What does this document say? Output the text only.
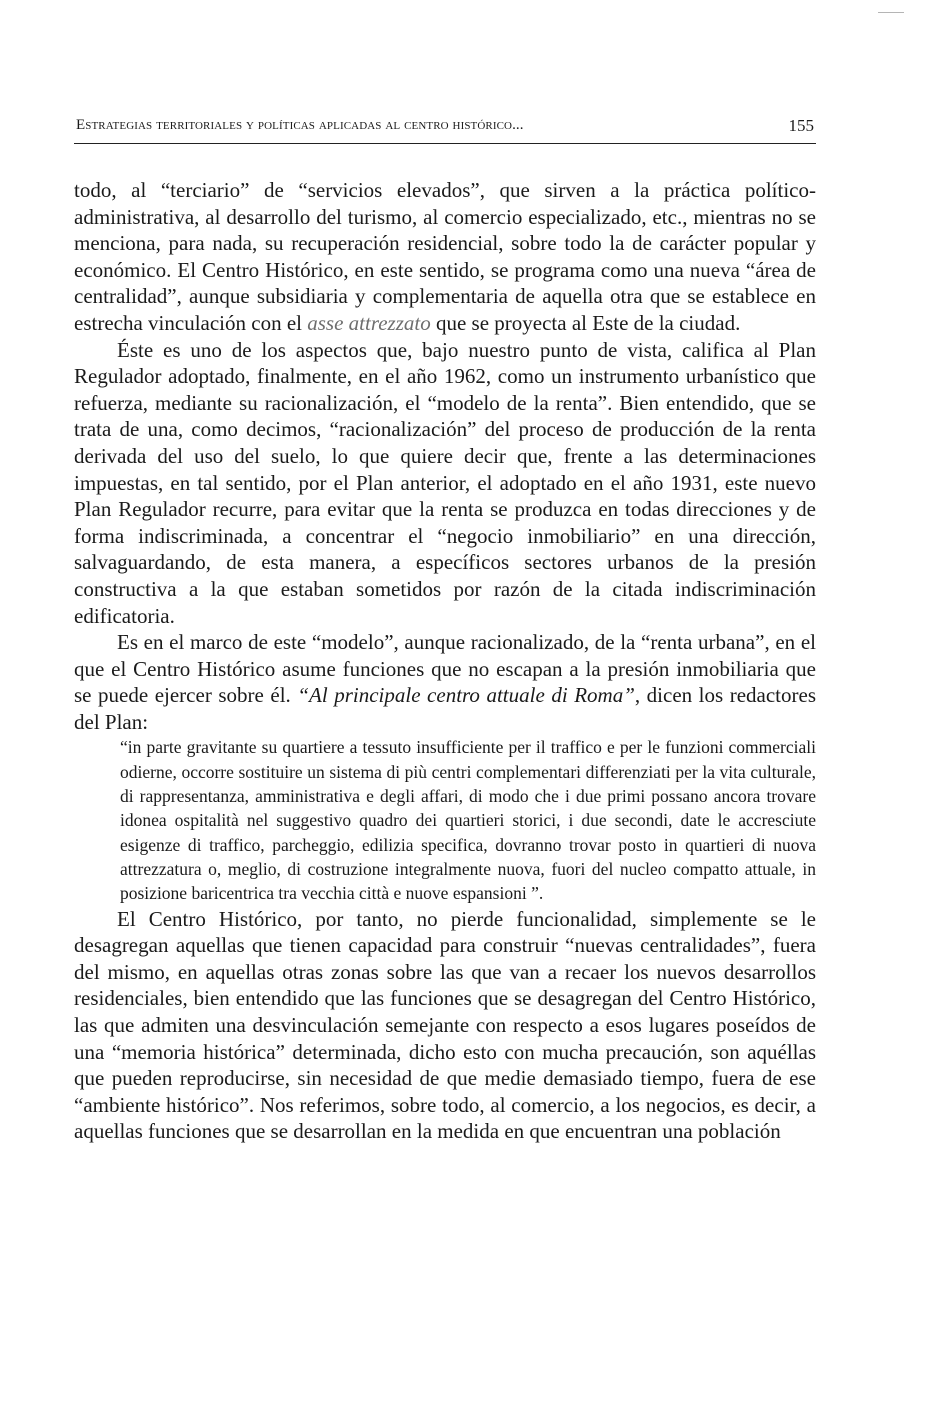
Estrategias territoriales y políticas aplicadas al centro histórico...	155

todo, al “terciario” de “servicios elevados”, que sirven a la práctica político-administrativa, al desarrollo del turismo, al comercio especializado, etc., mientras no se menciona, para nada, su recuperación residencial, sobre todo la de carácter popular y económico. El Centro Histórico, en este sentido, se programa como una nueva “área de centralidad”, aunque subsidiaria y complementaria de aquella otra que se establece en estrecha vinculación con el asse attrezzato que se proyecta al Este de la ciudad.

Éste es uno de los aspectos que, bajo nuestro punto de vista, califica al Plan Regulador adoptado, finalmente, en el año 1962, como un instrumento urbanístico que refuerza, mediante su racionalización, el “modelo de la renta”. Bien entendido, que se trata de una, como decimos, “racionalización” del proceso de producción de la renta derivada del uso del suelo, lo que quiere decir que, frente a las determinaciones impuestas, en tal sentido, por el Plan anterior, el adoptado en el año 1931, este nuevo Plan Regulador recurre, para evitar que la renta se produzca en todas direcciones y de forma indiscriminada, a concentrar el “negocio inmobiliario” en una dirección, salvaguardando, de esta manera, a específicos sectores urbanos de la presión constructiva a la que estaban sometidos por razón de la citada indiscriminación edificatoria.

Es en el marco de este “modelo”, aunque racionalizado, de la “renta urbana”, en el que el Centro Histórico asume funciones que no escapan a la presión inmobiliaria que se puede ejercer sobre él. “Al principale centro attuale di Roma”, dicen los redactores del Plan:

“in parte gravitante su quartiere a tessuto insufficiente per il traffico e per le funzioni commerciali odierne, occorre sostituire un sistema di più centri complementari differenziati per la vita culturale, di rappresentanza, amministrativa e degli affari, di modo che i due primi possano ancora trovare idonea ospitalità nel suggestivo quadro dei quartieri storici, i due secondi, date le accresciute esigenze di traffico, parcheggio, edilizia specifica, dovranno trovar posto in quartieri di nuova attrezzatura o, meglio, di costruzione integralmente nuova, fuori del nucleo compatto attuale, in posizione baricentrica tra vecchia città e nuove espansioni ”.

El Centro Histórico, por tanto, no pierde funcionalidad, simplemente se le desagregan aquellas que tienen capacidad para construir “nuevas centralidades”, fuera del mismo, en aquellas otras zonas sobre las que van a recaer los nuevos desarrollos residenciales, bien entendido que las funciones que se desagregan del Centro Histórico, las que admiten una desvinculación semejante con respecto a esos lugares poseídos de una “memoria histórica” determinada, dicho esto con mucha precaución, son aquéllas que pueden reproducirse, sin necesidad de que medie demasiado tiempo, fuera de ese “ambiente histórico”. Nos referimos, sobre todo, al comercio, a los negocios, es decir, a aquellas funciones que se desarrollan en la medida en que encuentran una población
